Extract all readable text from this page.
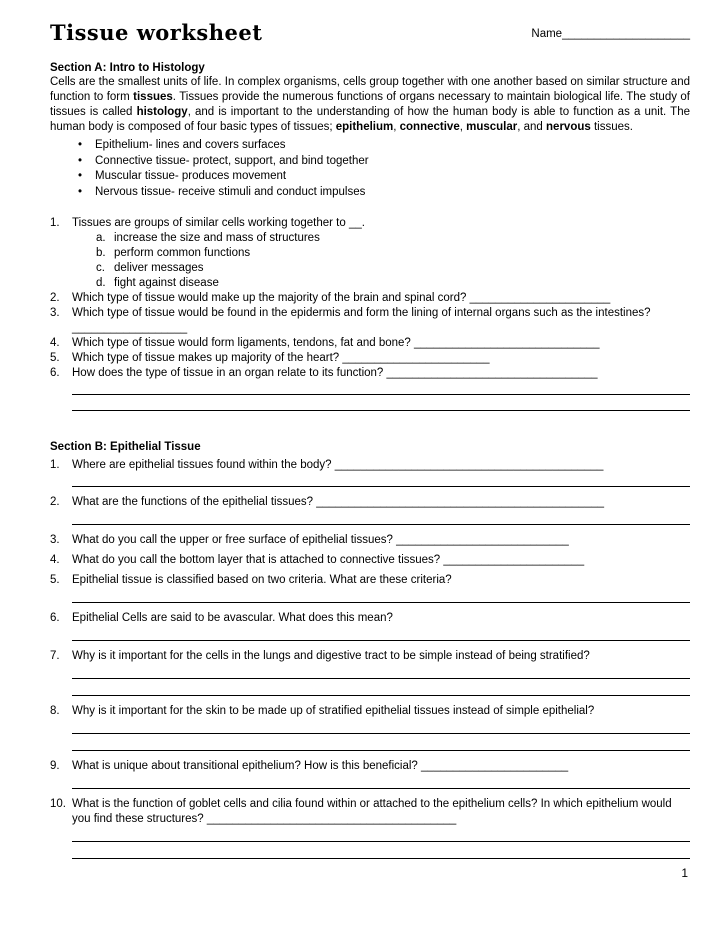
Tissue worksheet	Name____________________
Section A: Intro to Histology
Cells are the smallest units of life. In complex organisms, cells group together with one another based on similar structure and function to form tissues. Tissues provide the numerous functions of organs necessary to maintain biological life. The study of tissues is called histology, and is important to the understanding of how the human body is able to function as a unit. The human body is composed of four basic types of tissues; epithelium, connective, muscular, and nervous tissues.
• Epithelium- lines and covers surfaces
• Connective tissue- protect, support, and bind together
• Muscular tissue- produces movement
• Nervous tissue- receive stimuli and conduct impulses
1. Tissues are groups of similar cells working together to __.
a. increase the size and mass of structures
b. perform common functions
c. deliver messages
d. fight against disease
2. Which type of tissue would make up the majority of the brain and spinal cord? ______________________
3. Which type of tissue would be found in the epidermis and form the lining of internal organs such as the intestines? __________________
4. Which type of tissue would form ligaments, tendons, fat and bone? _____________________________
5. Which type of tissue makes up majority of the heart? _______________________
6. How does the type of tissue in an organ relate to its function? _________________________________
Section B: Epithelial Tissue
1. Where are epithelial tissues found within the body? __________________________________________
2. What are the functions of the epithelial tissues? _____________________________________________
3. What do you call the upper or free surface of epithelial tissues? ___________________________
4. What do you call the bottom layer that is attached to connective tissues? ______________________
5. Epithelial tissue is classified based on two criteria. What are these criteria?
6. Epithelial Cells are said to be avascular. What does this mean?
7. Why is it important for the cells in the lungs and digestive tract to be simple instead of being stratified?
8. Why is it important for the skin to be made up of stratified epithelial tissues instead of simple epithelial?
9. What is unique about transitional epithelium? How is this beneficial? _______________________
10. What is the function of goblet cells and cilia found within or attached to the epithelium cells? In which epithelium would you find these structures? _______________________________________
1
